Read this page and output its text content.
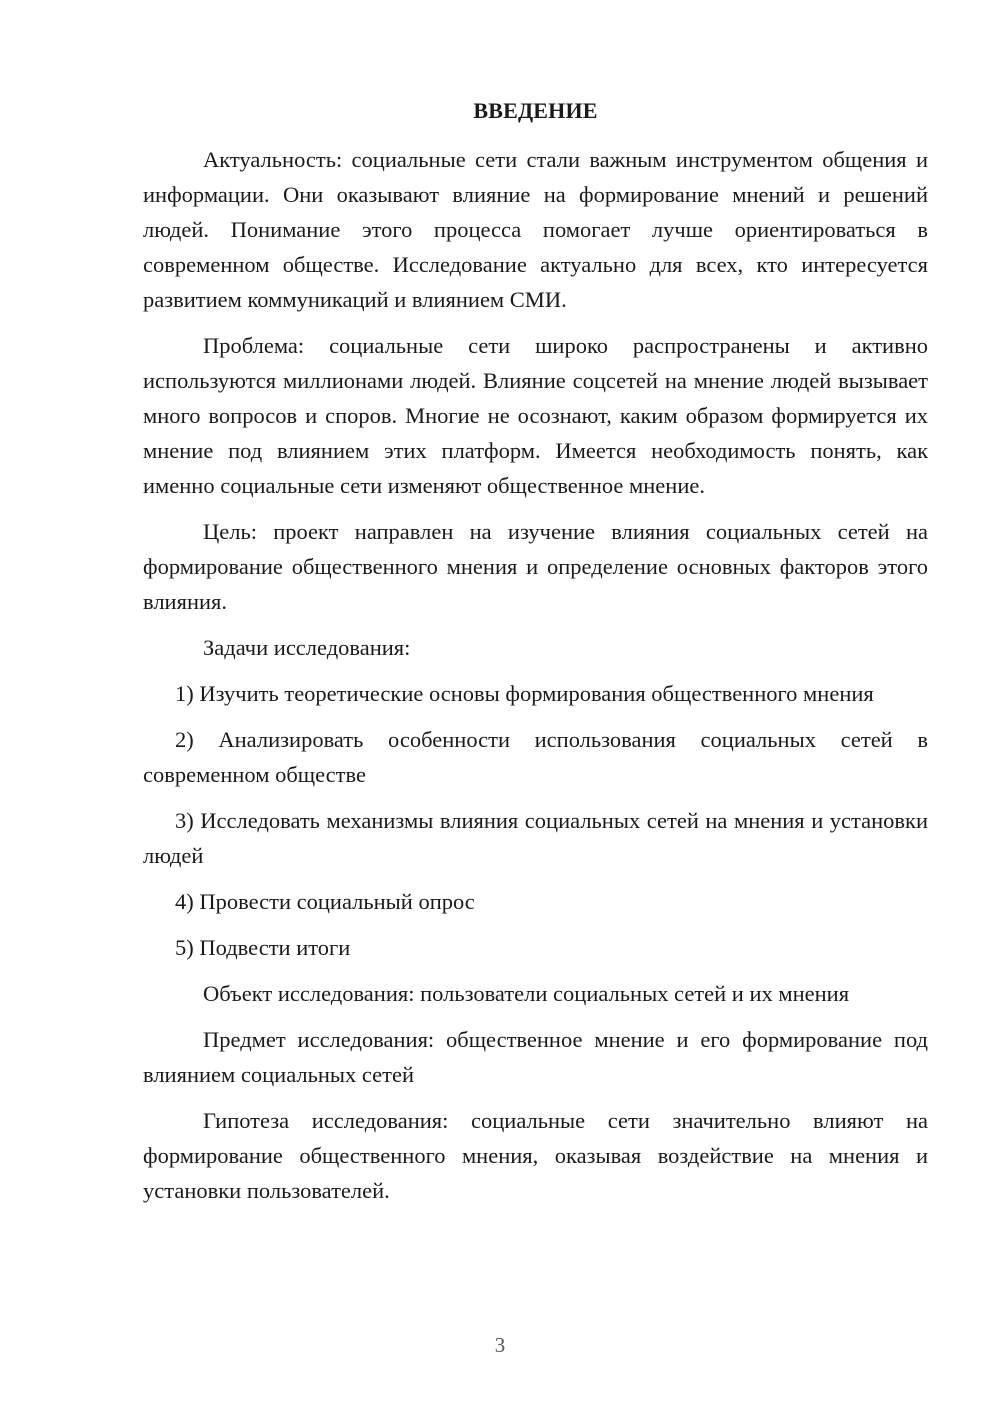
ВВЕДЕНИЕ

Актуальность: социальные сети стали важным инструментом общения и информации. Они оказывают влияние на формирование мнений и решений людей. Понимание этого процесса помогает лучше ориентироваться в современном обществе. Исследование актуально для всех, кто интересуется развитием коммуникаций и влиянием СМИ.

Проблема: социальные сети широко распространены и активно используются миллионами людей. Влияние соцсетей на мнение людей вызывает много вопросов и споров. Многие не осознают, каким образом формируется их мнение под влиянием этих платформ. Имеется необходимость понять, как именно социальные сети изменяют общественное мнение.

Цель: проект направлен на изучение влияния социальных сетей на формирование общественного мнения и определение основных факторов этого влияния.

Задачи исследования:

1) Изучить теоретические основы формирования общественного мнения

2) Анализировать особенности использования социальных сетей в современном обществе

3) Исследовать механизмы влияния социальных сетей на мнения и установки людей

4) Провести социальный опрос

5) Подвести итоги

Объект исследования: пользователи социальных сетей и их мнения

Предмет исследования: общественное мнение и его формирование под влиянием социальных сетей

Гипотеза исследования: социальные сети значительно влияют на формирование общественного мнения, оказывая воздействие на мнения и установки пользователей.

3
